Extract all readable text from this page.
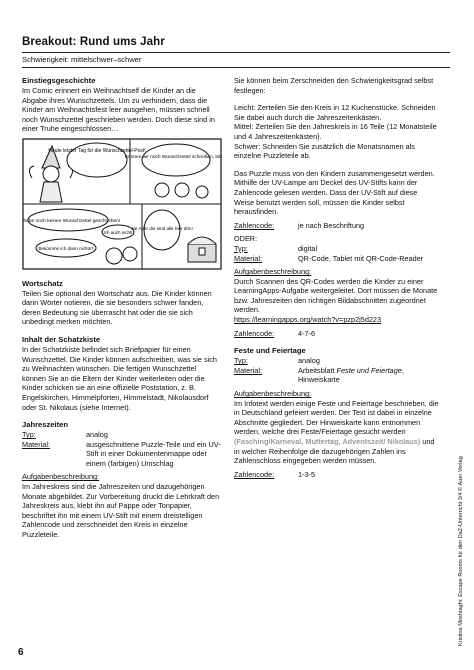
Breakout: Rund ums Jahr
Schwierigkeit: mittelschwer–schwer
Einstiegsgeschichte

Im Comic erinnert ein Weihnachtself die Kinder an die Abgabe ihres Wunschzettels. Um zu verhindern, dass die Kinder am Weihnachtsfest leer ausgehen, müssen schnell noch Wunschzettel geschrieben werden. Doch diese sind in einer Truhe eingeschlossen…

Heute letzter Tag für die Wunschzettel-Post!
Können wir noch Wunschzettel schreiben, bitte?
Ich habe noch keinen Wunschzettel geschrieben!
Ich auch nicht!
Bekomme ich dann nichts?
Ja! Aber die sind alle hier drin!
Wortschatz

Teilen Sie optional den Wortschatz aus. Die Kinder können darin Wörter notieren, die sie besonders schwer fanden, deren Bedeutung sie überrascht hat oder die sie sich unbedingt merken möchten.

Inhalt der Schatzkiste

In der Schatzkiste befindet sich Briefpapier für einen Wunschzettel. Die Kinder können aufschreiben, was sie sich zu Weihnachten wünschen. Die fertigen Wunschzettel können Sie an die Eltern der Kinder weiterleiten oder die Kinder schicken sie an eine offizielle Poststation, z. B. Engelskirchen, Himmelpforten, Himmelstadt, Nikolausdorf oder St. Nikolaus (siehe Internet).

Jahreszeiten
Typ:	analog
Material:	ausgeschnittene Puzzle-Teile und ein UV-Stift in einer Dokumentenmappe oder einem (farbigen) Umschlag

Aufgabenbeschreibung:

Im Jahreskreis sind die Jahreszeiten und dazugehörigen Monate abgebildet. Zur Vorbereitung druckt die Lehrkraft den Jahreskreis aus, klebt ihn auf Pappe oder Tonpapier, beschriftet ihn mit einem UV-Stift mit einem dreistelligen Zahlencode und zerschneidet den Kreis in einzelne Puzzleteile.

Sie können beim Zerschneiden den Schwierigkeitsgrad selbst festlegen:

Leicht: Zerteilen Sie den Kreis in 12 Kuchenstücke. Schneiden Sie dabei auch durch die Jahreszeitenkästen.

Mittel: Zerteilen Sie den Jahreskreis in 16 Teile (12 Monatsteile und 4 Jahreszeitenkästen).

Schwer: Schneiden Sie zusätzlich die Monatsnamen als einzelne Puzzleteile ab.

Das Puzzle muss von den Kindern zusammengesetzt werden. Mithilfe der UV-Lampe am Deckel des UV-Stifts kann der Zahlencode gelesen werden. Dass der UV-Stift auf diese Weise benutzt werden soll, müssen die Kinder selbst herausfinden.

Zahlencode:	je nach Beschriftung

ODER:

Typ:	digital
Material:	QR-Code, Tablet mit QR-Code-Reader

Aufgabenbeschreibung:

Durch Scannen des QR-Codes werden die Kinder zu einer LearningApps-Aufgabe weitergeleitet. Dort müssen die Monate bzw. Jahreszeiten den richtigen Bildabschnitten zugeordnet werden.

https://learningapps.org/watch?v=pzp2j5d223

Zahlencode:	4-7-6
Feste und Feiertage
Typ:	analog
Material:	Arbeitsblatt Feste und Feiertage, Hinweiskarte

Aufgabenbeschreibung:

Im Infotext werden einige Feste und Feiertage beschrieben, die in Deutschland gefeiert werden. Der Text ist dabei in einzelne Abschnitte gegliedert. Der Hinweiskarte kann entnommen werden, welche drei Feste/Feiertage gesucht werden (Fasching/Karneval, Muttertag, Adventszeit/ Nikolaus) und in welcher Reihenfolge die dazugehörigen Zahlen ins Zahlenschloss eingegeben werden müssen.

Zahlencode:	1-3-5
6
Kristina Moshtaghi: Escape Rooms für den DaZ-Unterricht 3/4 © Auer Verlag
